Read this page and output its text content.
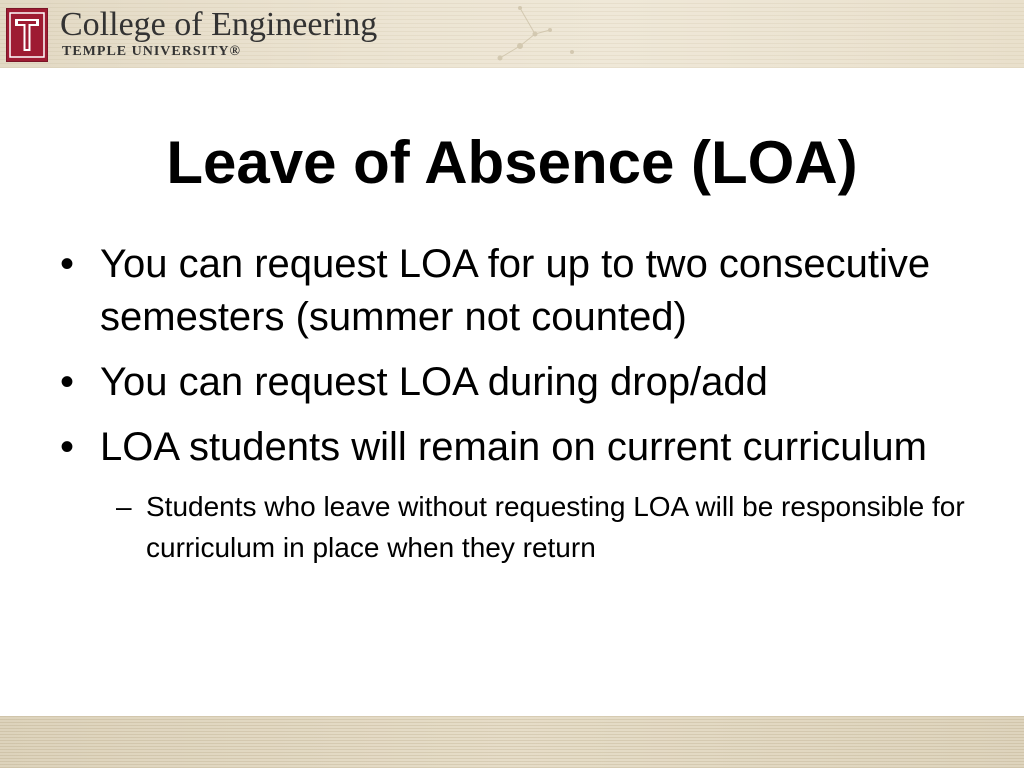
College of Engineering
TEMPLE UNIVERSITY®
Leave of Absence (LOA)
• You can request LOA for up to two consecutive semesters (summer not counted)
• You can request LOA during drop/add
• LOA students will remain on current curriculum
– Students who leave without requesting LOA will be responsible for curriculum in place when they return
